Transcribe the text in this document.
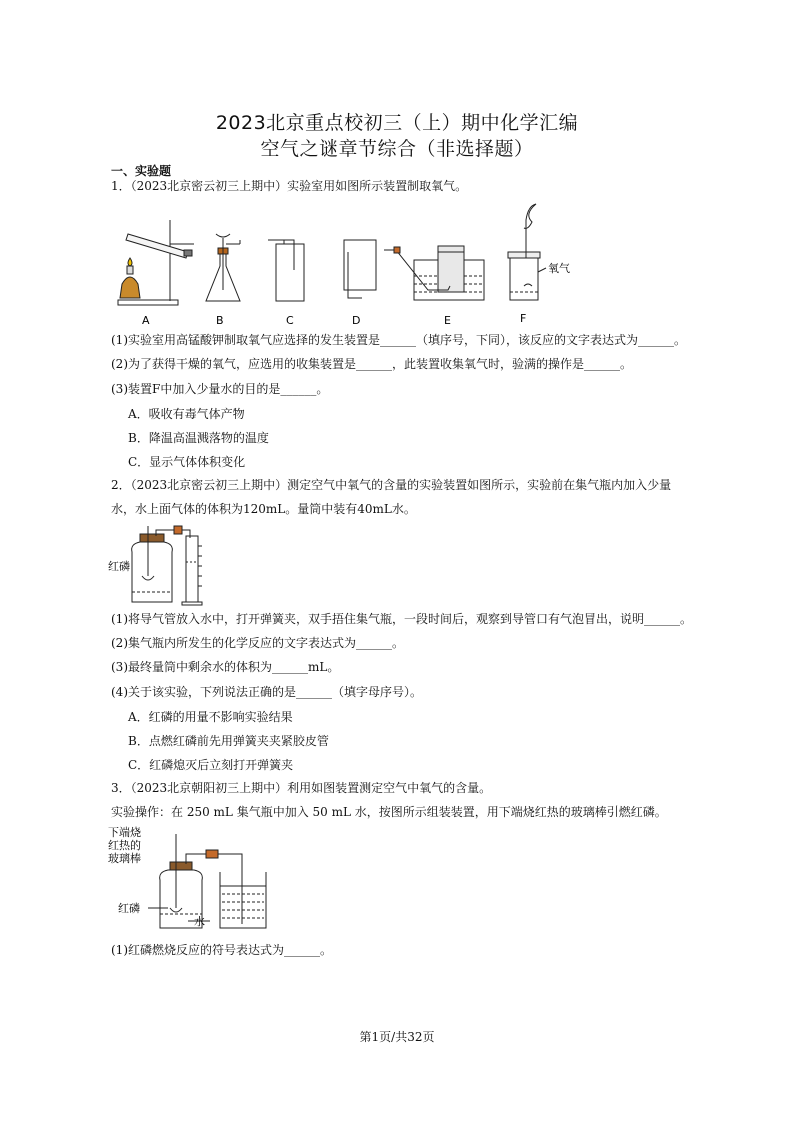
2023北京重点校初三（上）期中化学汇编
空气之谜章节综合（非选择题）
一、实验题
1．（2023北京密云初三上期中）实验室用如图所示装置制取氧气。
A	B	C	D	E	F
氧气
(1)实验室用高锰酸钾制取氧气应选择的发生装置是______（填序号，下同），该反应的文字表达式为______。
(2)为了获得干燥的氧气，应选用的收集装置是______，此装置收集氧气时，验满的操作是______。
(3)装置F中加入少量水的目的是______。
A．吸收有毒气体产物
B．降温高温溅落物的温度
C．显示气体体积变化
2．（2023北京密云初三上期中）测定空气中氧气的含量的实验装置如图所示，实验前在集气瓶内加入少量
水，水上面气体的体积为120mL。量筒中装有40mL水。
红磷
(1)将导气管放入水中，打开弹簧夹，双手捂住集气瓶，一段时间后，观察到导管口有气泡冒出，说明______。
(2)集气瓶内所发生的化学反应的文字表达式为______。
(3)最终量筒中剩余水的体积为______mL。
(4)关于该实验，下列说法正确的是______（填字母序号）。
A．红磷的用量不影响实验结果
B．点燃红磷前先用弹簧夹夹紧胶皮管
C．红磷熄灭后立刻打开弹簧夹
3．（2023北京朝阳初三上期中）利用如图装置测定空气中氧气的含量。
实验操作：在 250 mL 集气瓶中加入 50 mL 水，按图所示组装装置，用下端烧红热的玻璃棒引燃红磷。
下端烧
红热的
玻璃棒
红磷
水
(1)红磷燃烧反应的符号表达式为______。
第1页/共32页
